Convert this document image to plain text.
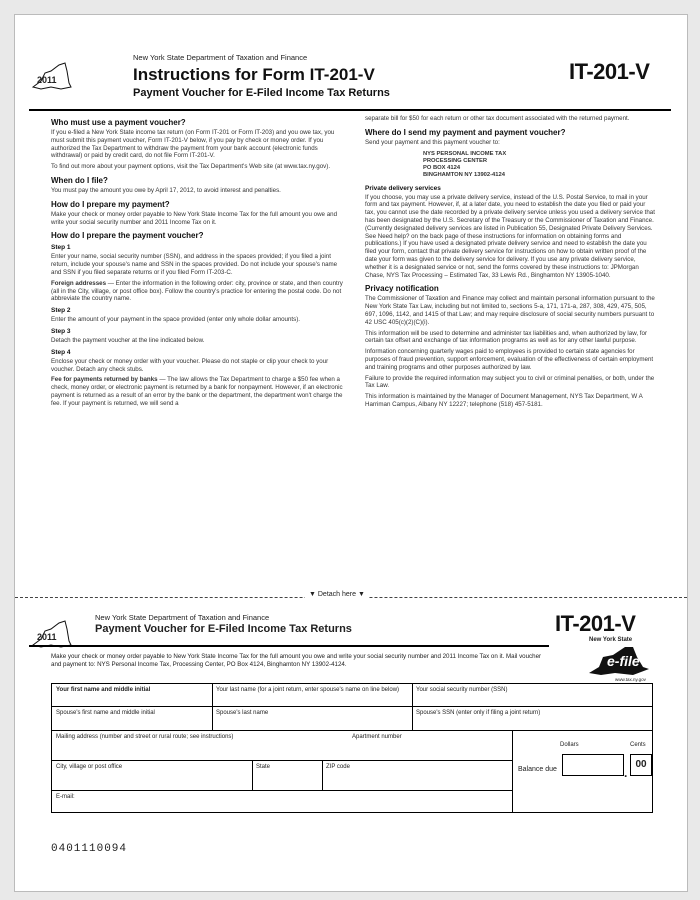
2011
New York State Department of Taxation and Finance
Instructions for Form IT-201-V
Payment Voucher for E-Filed Income Tax Returns
IT-201-V
Who must use a payment voucher?

If you e-filed a New York State income tax return (on Form IT-201 or Form IT-203) and you owe tax, you must submit this payment voucher, Form IT-201-V below, if you pay by check or money order. If you authorized the Tax Department to withdraw the payment from your bank account (electronic funds withdrawal) or paid by credit card, do not file Form IT-201-V.

To find out more about your payment options, visit the Tax Department's Web site (at www.tax.ny.gov).

When do I file?

You must pay the amount you owe by April 17, 2012, to avoid interest and penalties.

How do I prepare my payment?

Make your check or money order payable to New York State Income Tax for the full amount you owe and write your social security number and 2011 Income Tax on it.

How do I prepare the payment voucher?
Step 1

Enter your name, social security number (SSN), and address in the spaces provided; if you filed a joint return, include your spouse's name and SSN in the spaces provided. Do not include your spouse's name and SSN if you filed separate returns or if you filed Form IT-203-C.

Foreign addresses — Enter the information in the following order: city, province or state, and then country (all in the City, village, or post office box). Follow the country's practice for entering the postal code. Do not abbreviate the country name.

Step 2

Enter the amount of your payment in the space provided (enter only whole dollar amounts).

Step 3

Detach the payment voucher at the line indicated below.

Step 4

Enclose your check or money order with your voucher. Please do not staple or clip your check to your voucher. Detach any check stubs.

Fee for payments returned by banks — The law allows the Tax Department to charge a $50 fee when a check, money order, or electronic payment is returned by a bank for nonpayment. However, if an electronic payment is returned as a result of an error by the bank or the department, the department won't charge the fee. If your payment is returned, we will send a

separate bill for $50 for each return or other tax document associated with the returned payment.

Where do I send my payment and payment voucher?

Send your payment and this payment voucher to:

NYS PERSONAL INCOME TAX
PROCESSING CENTER
PO BOX 4124
BINGHAMTON NY 13902-4124
Private delivery services

If you choose, you may use a private delivery service, instead of the U.S. Postal Service, to mail in your form and tax payment. However, if, at a later date, you need to establish the date you filed or paid your tax, you cannot use the date recorded by a private delivery service unless you used a delivery service that has been designated by the U.S. Secretary of the Treasury or the Commissioner of Taxation and Finance. (Currently designated delivery services are listed in Publication 55, Designated Private Delivery Services. See Need help? on the back page of these instructions for information on obtaining forms and publications.) If you have used a designated private delivery service and need to establish the date you filed your form, contact that private delivery service for instructions on how to obtain written proof of the date your form was given to the delivery service for delivery. If you use any private delivery service, whether it is a designated service or not, send the forms covered by these instructions to: JPMorgan Chase, NYS Tax Processing – Estimated Tax, 33 Lewis Rd., Binghamton NY 13905-1040.

Privacy notification

The Commissioner of Taxation and Finance may collect and maintain personal information pursuant to the New York State Tax Law, including but not limited to, sections 5-a, 171, 171-a, 287, 308, 429, 475, 505, 697, 1096, 1142, and 1415 of that Law; and may require disclosure of social security numbers pursuant to 42 USC 405(c)(2)(C)(i).

This information will be used to determine and administer tax liabilities and, when authorized by law, for certain tax offset and exchange of tax information programs as well as for any other lawful purpose.

Information concerning quarterly wages paid to employees is provided to certain state agencies for purposes of fraud prevention, support enforcement, evaluation of the effectiveness of certain employment and training programs and other purposes authorized by law.

Failure to provide the required information may subject you to civil or criminal penalties, or both, under the Tax Law.

This information is maintained by the Manager of Document Management, NYS Tax Department, W A Harriman Campus, Albany NY 12227; telephone (518) 457-5181.

▼ Detach here ▼
2011
New York State Department of Taxation and Finance
Payment Voucher for E-Filed Income Tax Returns	IT-201-V
New York State
e-file
www.tax.ny.gov
Make your check or money order payable to New York State Income Tax for the full amount you owe and write your social security number and 2011 Income Tax on it. Mail voucher and payment to: NYS Personal Income Tax, Processing Center, PO Box 4124, Binghamton NY 13902-4124.
Your first name and middle initial	Your last name (for a joint return, enter spouse's name on line below)	Your social security number (SSN)
Spouse's first name and middle initial	Spouse's last name	Spouse's SSN (enter only if filing a joint return)
Mailing address (number and street or rural route; see instructions)	Apartment number
City, village or post office	State	ZIP code
E-mail:
Dollars	Cents
Balance due	.
00
0401110094
